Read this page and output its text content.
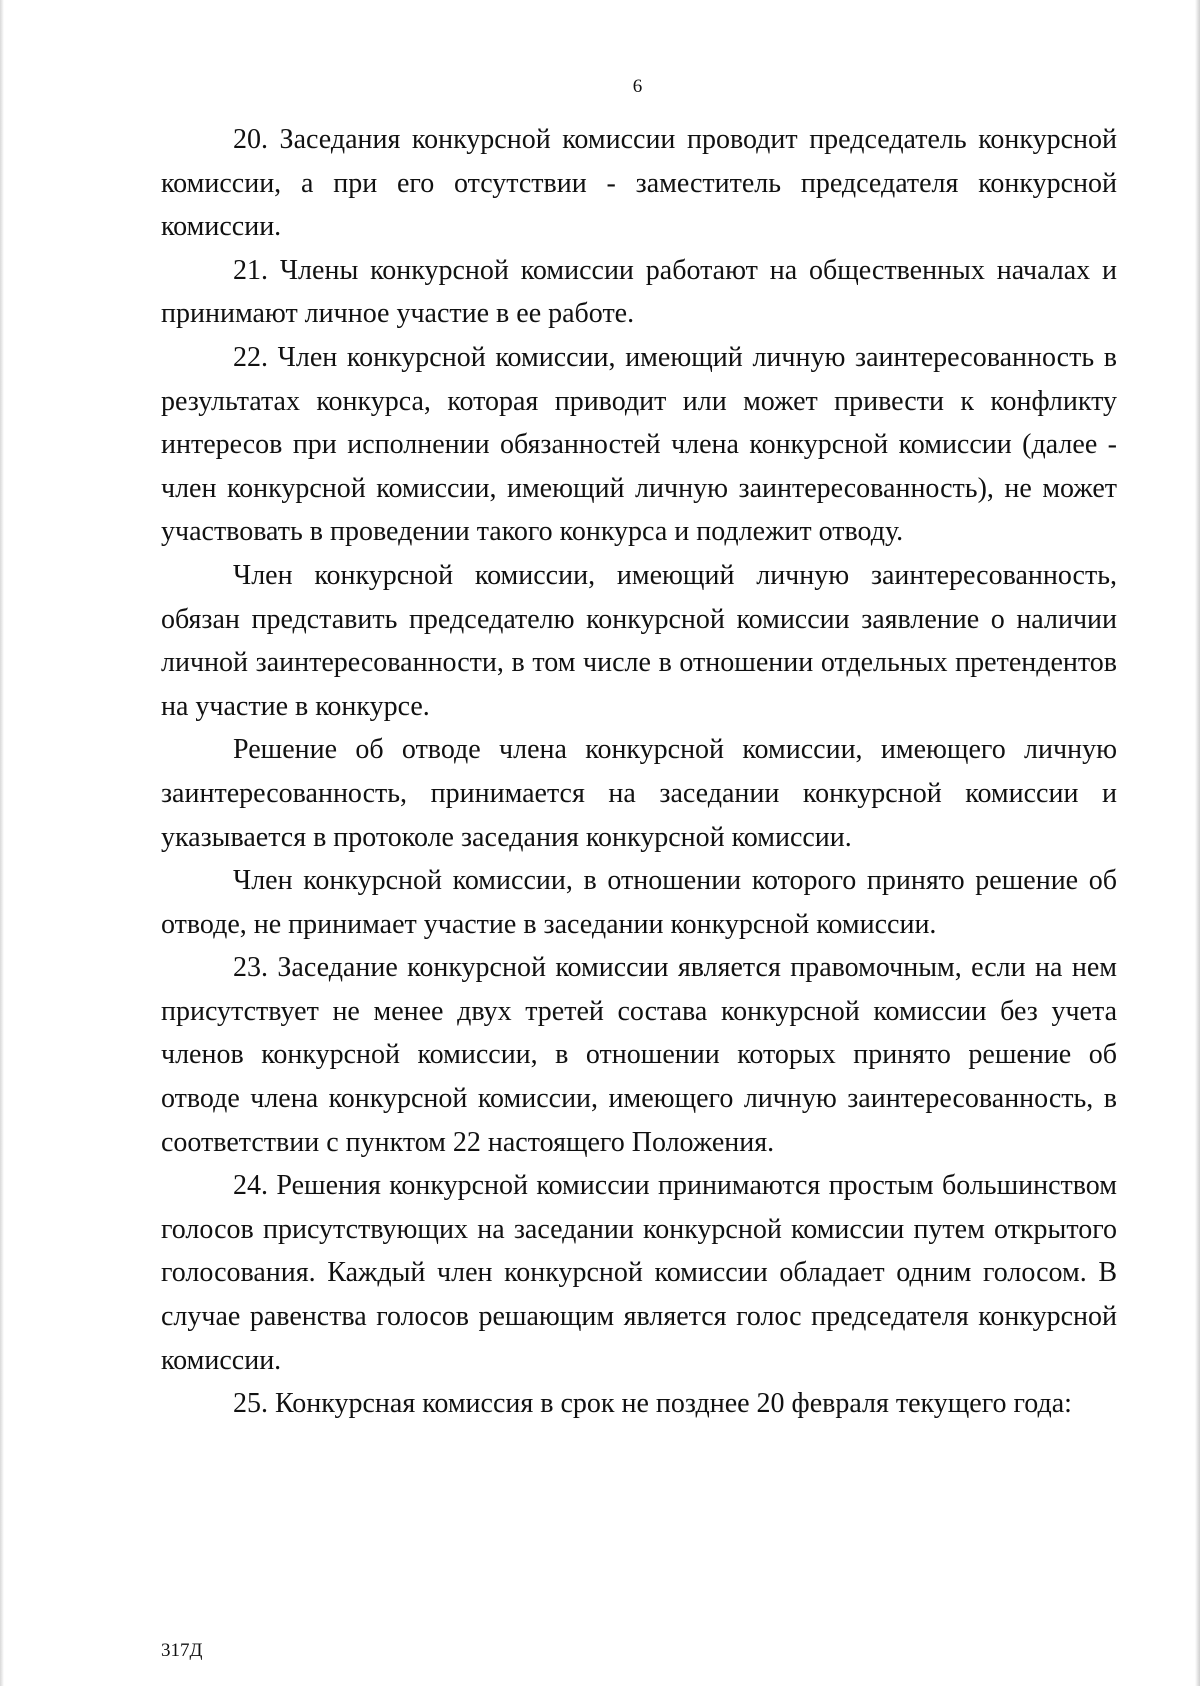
6

20. Заседания конкурсной комиссии проводит председатель конкурсной комиссии, а при его отсутствии - заместитель председателя конкурсной комиссии.

21. Члены конкурсной комиссии работают на общественных началах и принимают личное участие в ее работе.

22. Член конкурсной комиссии, имеющий личную заинтересованность в результатах конкурса, которая приводит или может привести к конфликту интересов при исполнении обязанностей члена конкурсной комиссии (далее - член конкурсной комиссии, имеющий личную заинтересованность), не может участвовать в проведении такого конкурса и подлежит отводу.

Член конкурсной комиссии, имеющий личную заинтересованность, обязан представить председателю конкурсной комиссии заявление о наличии личной заинтересованности, в том числе в отношении отдельных претендентов на участие в конкурсе.

Решение об отводе члена конкурсной комиссии, имеющего личную заинтересованность, принимается на заседании конкурсной комиссии и указывается в протоколе заседания конкурсной комиссии.

Член конкурсной комиссии, в отношении которого принято решение об отводе, не принимает участие в заседании конкурсной комиссии.

23. Заседание конкурсной комиссии является правомочным, если на нем присутствует не менее двух третей состава конкурсной комиссии без учета членов конкурсной комиссии, в отношении которых принято решение об отводе члена конкурсной комиссии, имеющего личную заинтересованность, в соответствии с пунктом 22 настоящего Положения.

24. Решения конкурсной комиссии принимаются простым большинством голосов присутствующих на заседании конкурсной комиссии путем открытого голосования. Каждый член конкурсной комиссии обладает одним голосом. В случае равенства голосов решающим является голос председателя конкурсной комиссии.

25. Конкурсная комиссия в срок не позднее 20 февраля текущего года:

317Д
